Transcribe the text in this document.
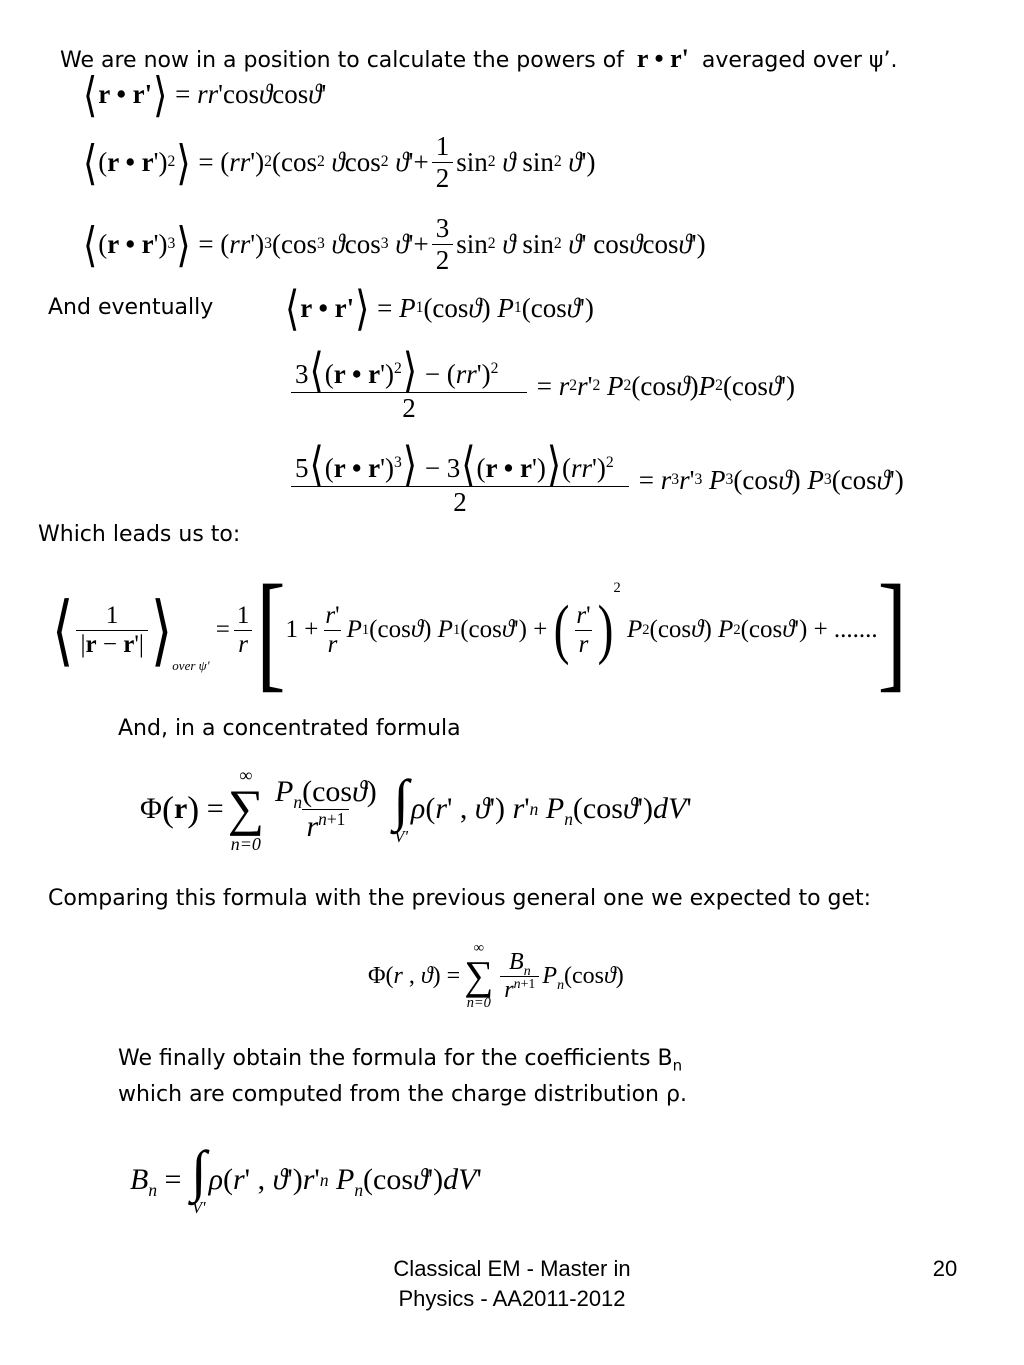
We are now in a position to calculate the powers of r • r' averaged over ψ’.
⟨ r • r' ⟩ = rr 'cos ϑ cos ϑ '
⟨ ( r • r ') 2 ⟩ = ( rr ') 2 (cos 2
ϑ cos 2
ϑ '+ $\frac{1}{2}$ sin 2
ϑ sin 2
ϑ ')
⟨ ( r • r ') 3 ⟩ = ( rr ') 3 (cos 3
ϑ cos 3
ϑ '+ $\frac{3}{2}$ sin 2
ϑ sin 2
ϑ ' cos ϑ cos ϑ ')
And eventually ⟨ r • r' ⟩ = P 1 (cos ϑ ) P 1 (cos ϑ ')
$\frac{3⟨(r • r')^2⟩ - (rr')^2}{2} = r$ 2 r ' 2
P 2 (cos ϑ ) P 2 (cos ϑ ')
$\frac{5⟨(r • r')^3⟩ - 3⟨(r • r')⟩(rr')^2}{2} = r$ 3 r ' 3
P 3 (cos ϑ ) P 3 (cos ϑ ')
Which leads us to:
⟨ $\frac{1}{|r - r'|}$ ⟩ over ψ'
= $\frac{1}{r}$ [ $1 + \frac{r'}{r}$ P 1 (cos ϑ ) P 1 (cos ϑ ') + ( $\frac{r'}{r}$ )
2

P 2 (cos ϑ ) P 2 (cos ϑ ') + ....... ]
And, in a concentrated formula
Φ ( r ) =
∞
∑
$n=0 \frac{P_n(\cos ϑ)}{r^{n+1}}$
∫
V'
ρ ( r ' , ϑ ') r ' n
$P_n$ (cos ϑ ') dV '
Comparing this formula with the previous general one we expected to get:
Φ( r , ϑ ) =
∞
∑
$n=0 \frac{B_n}{r^{n+1}} P_n$ (cos ϑ )
We finally obtain the formula for the coefficients $B_n$
which are computed from the charge distribution ρ.
$B_n$ = ∫
V'
ρ ( r ' , ϑ ') r ' n
$P_n$ (cos ϑ ') dV '
Classical EM - Master in
Physics - AA2011-2012
20
